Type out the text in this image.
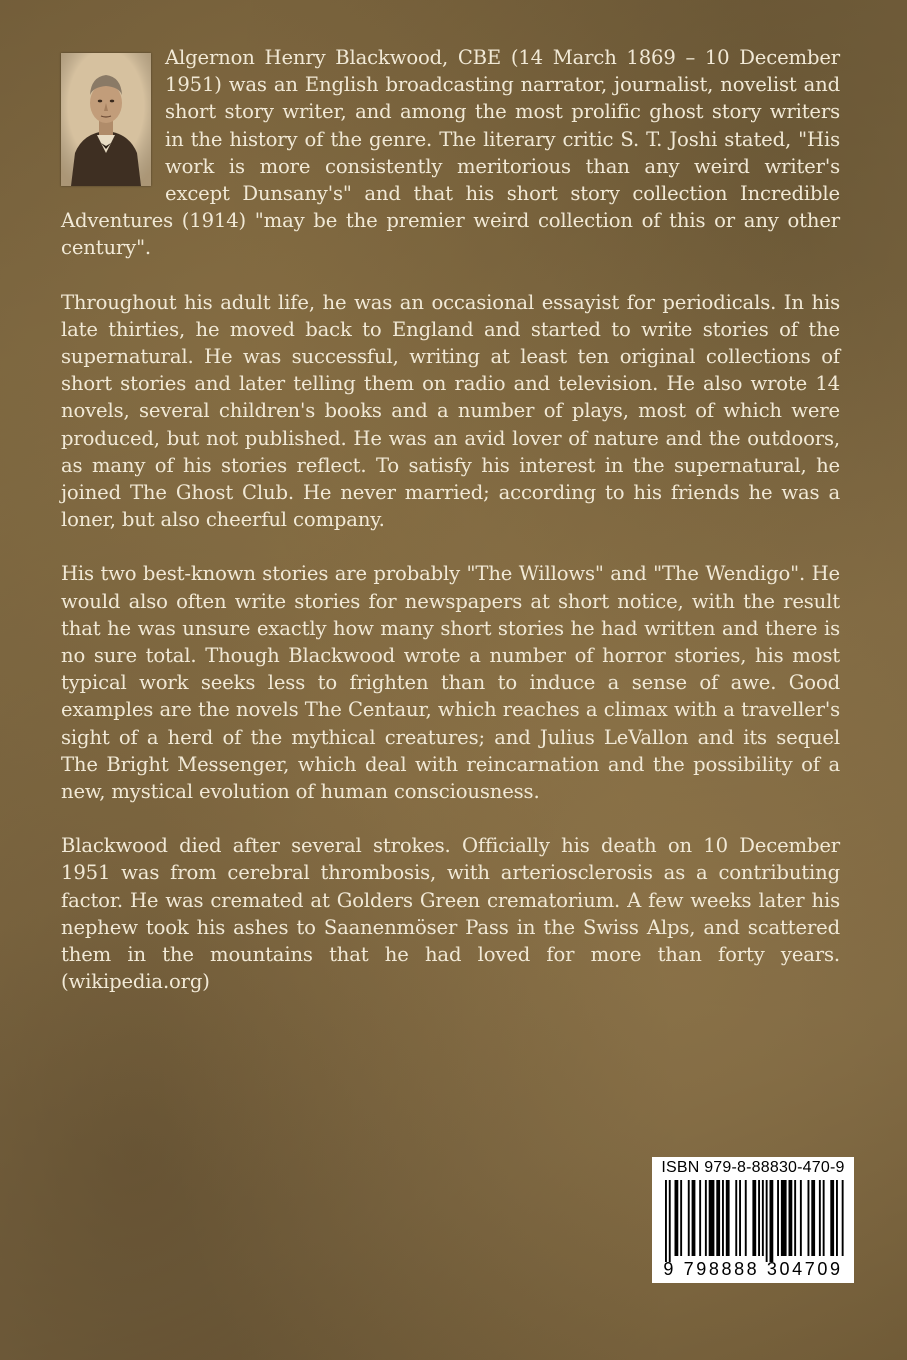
Algernon Henry Blackwood, CBE (14 March 1869 – 10 December 1951) was an English broadcasting narrator, journalist, novelist and short story writer, and among the most prolific ghost story writers in the history of the genre. The literary critic S. T. Joshi stated, "His work is more consistently meritorious than any weird writer's except Dunsany's" and that his short story collection Incredible Adventures (1914) "may be the premier weird collection of this or any other century".

Throughout his adult life, he was an occasional essayist for periodicals. In his late thirties, he moved back to England and started to write stories of the supernatural. He was successful, writing at least ten original collections of short stories and later telling them on radio and television. He also wrote 14 novels, several children's books and a number of plays, most of which were produced, but not published. He was an avid lover of nature and the outdoors, as many of his stories reflect. To satisfy his interest in the supernatural, he joined The Ghost Club. He never married; according to his friends he was a loner, but also cheerful company.

His two best-known stories are probably "The Willows" and "The Wendigo". He would also often write stories for newspapers at short notice, with the result that he was unsure exactly how many short stories he had written and there is no sure total. Though Blackwood wrote a number of horror stories, his most typical work seeks less to frighten than to induce a sense of awe. Good examples are the novels The Centaur, which reaches a climax with a traveller's sight of a herd of the mythical creatures; and Julius LeVallon and its sequel The Bright Messenger, which deal with reincarnation and the possibility of a new, mystical evolution of human consciousness.

Blackwood died after several strokes. Officially his death on 10 December 1951 was from cerebral thrombosis, with arteriosclerosis as a contributing factor. He was cremated at Golders Green crematorium. A few weeks later his nephew took his ashes to Saanenmöser Pass in the Swiss Alps, and scattered them in the mountains that he had loved for more than forty years. (wikipedia.org)

ISBN 979-8-88830-470-9
9 798888 304709
